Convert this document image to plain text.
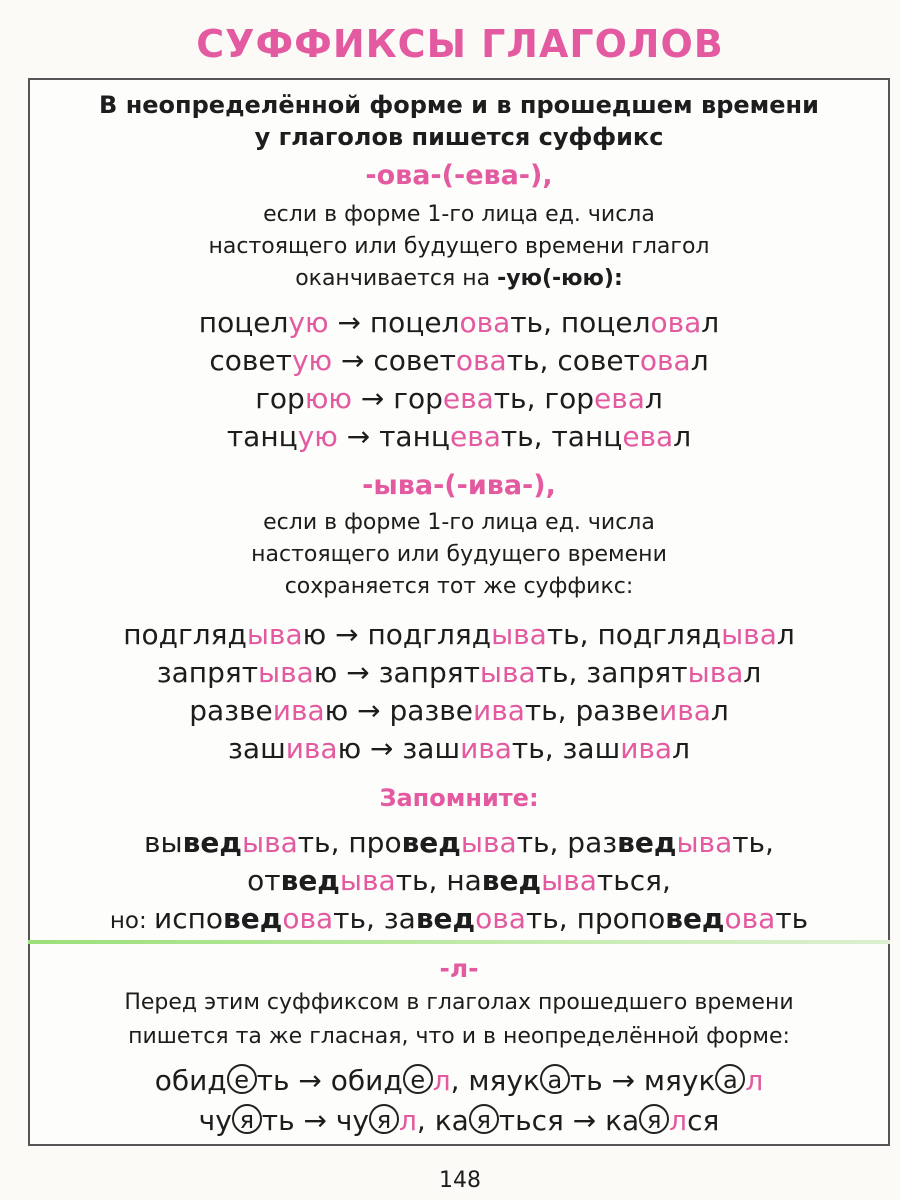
СУФФИКСЫ ГЛАГОЛОВ
В неопределённой форме и в прошедшем времени
у глаголов пишется суффикс
-ова-(-ева-),
если в форме 1-го лица ед. числа
настоящего или будущего времени глагол
оканчивается на -ую(-юю):
поцелую → поцеловать, поцеловал
советую → советовать, советовал
горюю → горевать, горевал
танцую → танцевать, танцевал
-ыва-(-ива-),
если в форме 1-го лица ед. числа
настоящего или будущего времени
сохраняется тот же суффикс:
подглядываю → подглядывать, подглядывал
запрятываю → запрятывать, запрятывал
развеиваю → развеивать, развеивал
зашиваю → зашивать, зашивал
Запомните:
выведывать, проведывать, разведывать,
отведывать, наведываться,
но: исповедовать, заведовать, проповедовать
-л-
Перед этим суффиксом в глаголах прошедшего времени
пишется та же гласная, что и в неопределённой форме:
обид е ть → обид е л, мяук а ть → мяук а л
чу я ть → чу я л, ка я ться → ка я лся
148
